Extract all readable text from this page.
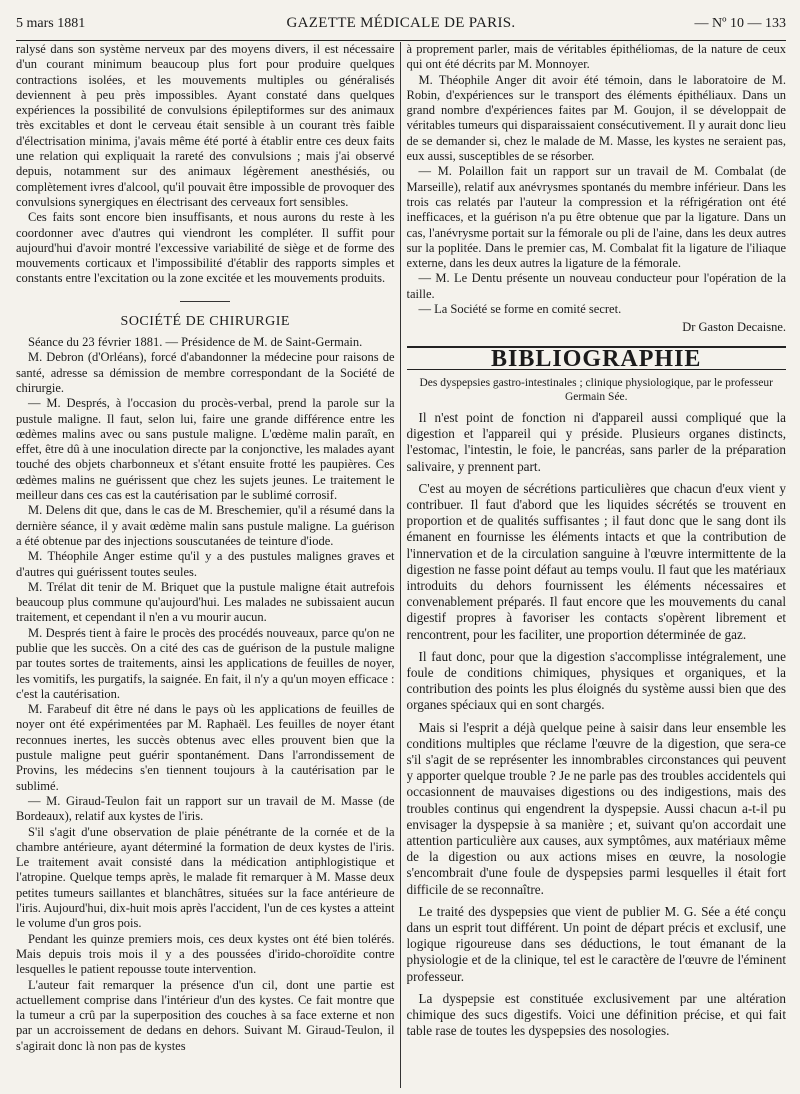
5 mars 1881	GAZETTE MÉDICALE DE PARIS.	— Nº 10 — 133

ralysé dans son système nerveux par des moyens divers, il est nécessaire d'un courant minimum beaucoup plus fort pour produire quelques contractions isolées, et les mouvements multiples ou généralisés deviennent à peu près impossibles. Ayant constaté dans quelques expériences la possibilité de convulsions épileptiformes sur des animaux très excitables et dont le cerveau était sensible à un courant très faible d'électrisation minima, j'avais même été porté à établir entre ces deux faits une relation qui expliquait la rareté des convulsions ; mais j'ai observé depuis, notamment sur des animaux légèrement anesthésiés, ou complètement ivres d'alcool, qu'il pouvait être impossible de provoquer des convulsions synergiques en électrisant des cerveaux fort sensibles.

Ces faits sont encore bien insuffisants, et nous aurons du reste à les coordonner avec d'autres qui viendront les compléter. Il suffit pour aujourd'hui d'avoir montré l'excessive variabilité de siège et de forme des mouvements corticaux et l'impossibilité d'établir des rapports simples et constants entre l'excitation ou la zone excitée et les mouvements produits.

SOCIÉTÉ DE CHIRURGIE

Séance du 23 février 1881. — Présidence de M. de Saint-Germain.

M. Debron (d'Orléans), forcé d'abandonner la médecine pour raisons de santé, adresse sa démission de membre correspondant de la Société de chirurgie.

— M. Després, à l'occasion du procès-verbal, prend la parole sur la pustule maligne. Il faut, selon lui, faire une grande différence entre les œdèmes malins avec ou sans pustule maligne. L'œdème malin paraît, en effet, être dû à une inoculation directe par la conjonctive, les malades ayant touché des objets charbonneux et s'étant ensuite frotté les paupières. Ces œdèmes malins ne guérissent que chez les sujets jeunes. Le traitement le meilleur dans ces cas est la cautérisation par le sublimé corrosif.

M. Delens dit que, dans le cas de M. Breschemier, qu'il a résumé dans la dernière séance, il y avait œdème malin sans pustule maligne. La guérison a été obtenue par des injections souscutanées de teinture d'iode.

M. Théophile Anger estime qu'il y a des pustules malignes graves et d'autres qui guérissent toutes seules.

M. Trélat dit tenir de M. Briquet que la pustule maligne était autrefois beaucoup plus commune qu'aujourd'hui. Les malades ne subissaient aucun traitement, et cependant il n'en a vu mourir aucun.

M. Després tient à faire le procès des procédés nouveaux, parce qu'on ne publie que les succès. On a cité des cas de guérison de la pustule maligne par toutes sortes de traitements, ainsi les applications de feuilles de noyer, les vomitifs, les purgatifs, la saignée. En fait, il n'y a qu'un moyen efficace : c'est la cautérisation.

M. Farabeuf dit être né dans le pays où les applications de feuilles de noyer ont été expérimentées par M. Raphaël. Les feuilles de noyer étant reconnues inertes, les succès obtenus avec elles prouvent bien que la pustule maligne peut guérir spontanément. Dans l'arrondissement de Provins, les médecins s'en tiennent toujours à la cautérisation par le sublimé.

— M. Giraud-Teulon fait un rapport sur un travail de M. Masse (de Bordeaux), relatif aux kystes de l'iris.

S'il s'agit d'une observation de plaie pénétrante de la cornée et de la chambre antérieure, ayant déterminé la formation de deux kystes de l'iris. Le traitement avait consisté dans la médication antiphlogistique et l'atropine. Quelque temps après, le malade fit remarquer à M. Masse deux petites tumeurs saillantes et blanchâtres, situées sur la face antérieure de l'iris. Aujourd'hui, dix-huit mois après l'accident, l'un de ces kystes a atteint le volume d'un gros pois.

Pendant les quinze premiers mois, ces deux kystes ont été bien tolérés. Mais depuis trois mois il y a des poussées d'irido-choroïdite contre lesquelles le patient repousse toute intervention.

L'auteur fait remarquer la présence d'un cil, dont une partie est actuellement comprise dans l'intérieur d'un des kystes. Ce fait montre que la tumeur a crû par la superposition des couches à sa face externe et non par un accroissement de dedans en dehors. Suivant M. Giraud-Teulon, il s'agirait donc là non pas de kystes

à proprement parler, mais de véritables épithéliomas, de la nature de ceux qui ont été décrits par M. Monnoyer.

M. Théophile Anger dit avoir été témoin, dans le laboratoire de M. Robin, d'expériences sur le transport des éléments épithéliaux. Dans un grand nombre d'expériences faites par M. Goujon, il se développait de véritables tumeurs qui disparaissaient consécutivement. Il y aurait donc lieu de se demander si, chez le malade de M. Masse, les kystes ne seraient pas, eux aussi, susceptibles de se résorber.

— M. Polaillon fait un rapport sur un travail de M. Combalat (de Marseille), relatif aux anévrysmes spontanés du membre inférieur. Dans les trois cas relatés par l'auteur la compression et la réfrigération ont été inefficaces, et la guérison n'a pu être obtenue que par la ligature. Dans un cas, l'anévrysme portait sur la fémorale ou pli de l'aine, dans les deux autres sur la poplitée. Dans le premier cas, M. Combalat fit la ligature de l'iliaque externe, dans les deux autres la ligature de la fémorale.

— M. Le Dentu présente un nouveau conducteur pour l'opération de la taille.

— La Société se forme en comité secret.

Dr Gaston Decaisne.
BIBLIOGRAPHIE
Des dyspepsies gastro-intestinales ; clinique physiologique, par le professeur Germain Sée.

Il n'est point de fonction ni d'appareil aussi compliqué que la digestion et l'appareil qui y préside. Plusieurs organes distincts, l'estomac, l'intestin, le foie, le pancréas, sans parler de la préparation salivaire, y prennent part.

C'est au moyen de sécrétions particulières que chacun d'eux vient y contribuer. Il faut d'abord que les liquides sécrétés se trouvent en proportion et de qualités suffisantes ; il faut donc que le sang dont ils émanent en fournisse les éléments intacts et que la contribution de l'innervation et de la circulation sanguine à l'œuvre intermittente de la digestion ne fasse point défaut au temps voulu. Il faut que les matériaux introduits du dehors fournissent les éléments nécessaires et convenablement préparés. Il faut encore que les mouvements du canal digestif propres à favoriser les contacts s'opèrent librement et rencontrent, pour les faciliter, une proportion déterminée de gaz.

Il faut donc, pour que la digestion s'accomplisse intégralement, une foule de conditions chimiques, physiques et organiques, et la contribution des points les plus éloignés du système aussi bien que des organes spéciaux qui en sont chargés.

Mais si l'esprit a déjà quelque peine à saisir dans leur ensemble les conditions multiples que réclame l'œuvre de la digestion, que sera-ce s'il s'agit de se représenter les innombrables circonstances qui peuvent y apporter quelque trouble ? Je ne parle pas des troubles accidentels qui occasionnent de mauvaises digestions ou des indigestions, mais des troubles continus qui engendrent la dyspepsie. Aussi chacun a-t-il pu envisager la dyspepsie à sa manière ; et, suivant qu'on accordait une attention particulière aux causes, aux symptômes, aux matériaux même de la digestion ou aux actions mises en œuvre, la nosologie s'encombrait d'une foule de dyspepsies parmi lesquelles il était fort difficile de se reconnaître.

Le traité des dyspepsies que vient de publier M. G. Sée a été conçu dans un esprit tout différent. Un point de départ précis et exclusif, une logique rigoureuse dans ses déductions, le tout émanant de la physiologie et de la clinique, tel est le caractère de l'œuvre de l'éminent professeur.

La dyspepsie est constituée exclusivement par une altération chimique des sucs digestifs. Voici une définition précise, et qui fait table rase de toutes les dyspepsies des nosologies.
